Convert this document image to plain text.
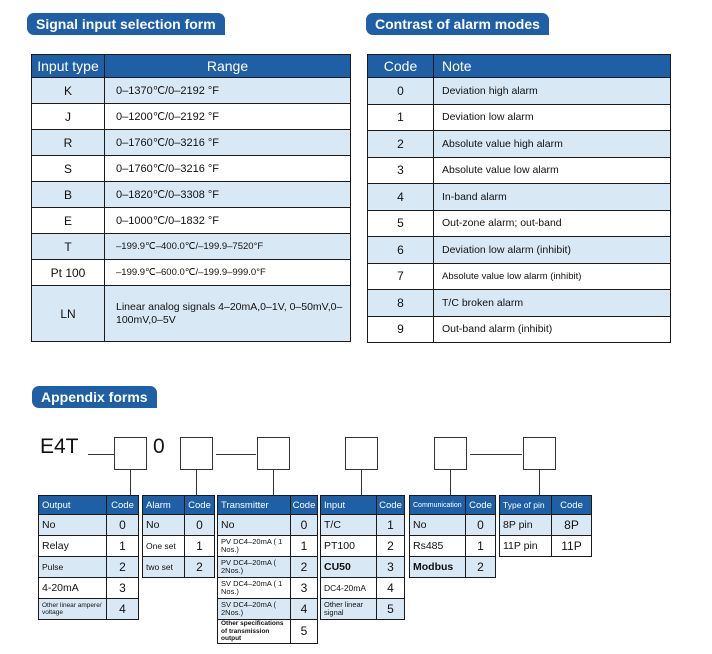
Signal input selection form
Input type	Range
K	0–1370℃/0–2192 °F
J	0–1200℃/0–2192 °F
R	0–1760℃/0–3216 °F
S	0–1760℃/0–3216 °F
B	0–1820℃/0–3308 °F
E	0–1000℃/0–1832 °F
T	–199.9℃–400.0℃/–199.9–7520°F
Pt 100	–199.9℃–600.0℃/–199.9–999.0°F
LN	Linear analog signals 4–20mA,0–1V, 0–50mV,0–100mV,0–5V
Contrast of alarm modes
Code	Note
0	Deviation high alarm
1	Deviation low alarm
2	Absolute value high alarm
3	Absolute value low alarm
4	In-band alarm
5	Out-zone alarm; out-band
6	Deviation low alarm (inhibit)
7	Absolute value low alarm (inhibit)
8	T/C broken alarm
9	Out-band alarm (inhibit)
Appendix forms
E4T	0
Output	Code
No	0
Relay	1
Pulse	2
4-20mA	3
Other linear ampere/ voltage	4
Alarm	Code
No	0
One set	1
two set	2
Transmitter	Code
No	0
PV DC4–20mA ( 1 Nos.)	1
PV DC4–20mA ( 2Nos.)	2
SV DC4–20mA ( 1 Nos.)	3
SV DC4–20mA ( 2Nos.)	4
Other specifications of transmission output	5
Input	Code
T/C	1
PT100	2
CU50	3
DC4-20mA	4
Other linear signal	5
Communication	Code
No	0
Rs485	1
Modbus	2
Type of pin	Code
8P pin	8P
11P pin	11P
